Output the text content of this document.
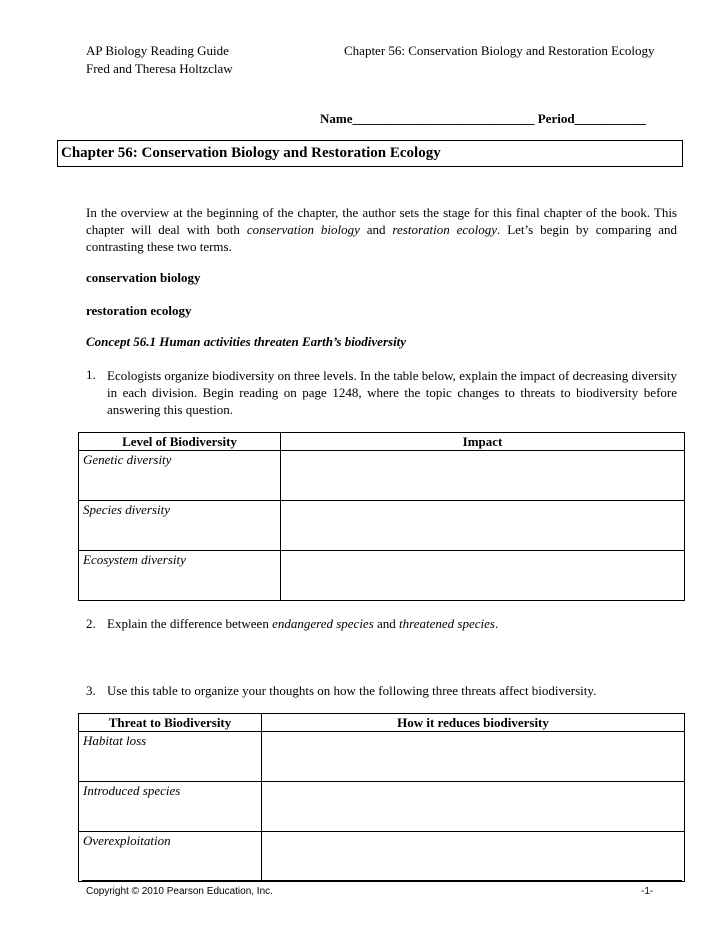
AP Biology Reading Guide
Fred and Theresa Holtzclaw
Chapter 56: Conservation Biology and Restoration Ecology
Name____________________________ Period___________
Chapter 56: Conservation Biology and Restoration Ecology

In the overview at the beginning of the chapter, the author sets the stage for this final chapter of the book. This chapter will deal with both conservation biology and restoration ecology. Let’s begin by comparing and contrasting these two terms.

conservation biology
restoration ecology
Concept 56.1 Human activities threaten Earth’s biodiversity
1. Ecologists organize biodiversity on three levels. In the table below, explain the impact of decreasing diversity in each division. Begin reading on page 1248, where the topic changes to threats to biodiversity before answering this question.

Level of Biodiversity	Impact

Genetic diversity	

Species diversity	

Ecosystem diversity	

2. Explain the difference between endangered species and threatened species.
3. Use this table to organize your thoughts on how the following three threats affect biodiversity.
Threat to Biodiversity	How it reduces biodiversity

Habitat loss	

Introduced species	

Overexploitation	

Copyright © 2010 Pearson Education, Inc.	-1-
